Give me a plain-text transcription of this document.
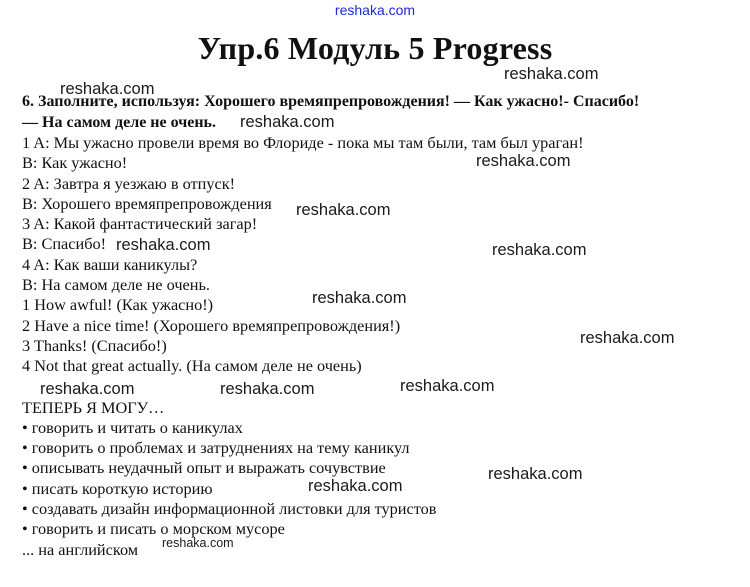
reshaka.com
Упр.6 Модуль 5 Progress
6. Заполните, используя: Хорошего времяпрепровождения! — Как ужасно!- Спасибо!
— На самом деле не очень.
1 A: Мы ужасно провели время во Флориде - пока мы там были, там был ураган!
B: Как ужасно!
2 A: Завтра я уезжаю в отпуск!
B: Хорошего времяпрепровождения
3 A: Какой фантастический загар!
B: Спасибо!
4 A: Как ваши каникулы?
B: На самом деле не очень.
1 How awful! (Как ужасно!)
2 Have a nice time! (Хорошего времяпрепровождения!)
3 Thanks! (Спасибо!)
4 Not that great actually. (На самом деле не очень)
ТЕПЕРЬ Я МОГУ…
• говорить и читать о каникулах
• говорить о проблемах и затруднениях на тему каникул
• описывать неудачный опыт и выражать сочувствие
• писать короткую историю
• создавать дизайн информационной листовки для туристов
• говорить и писать о морском мусоре
... на английском
reshaka.com
reshaka.com
reshaka.com
reshaka.com
reshaka.com
reshaka.com	reshaka.com
reshaka.com
reshaka.com
reshaka.com	reshaka.com	reshaka.com
reshaka.com
reshaka.com
reshaka.com
